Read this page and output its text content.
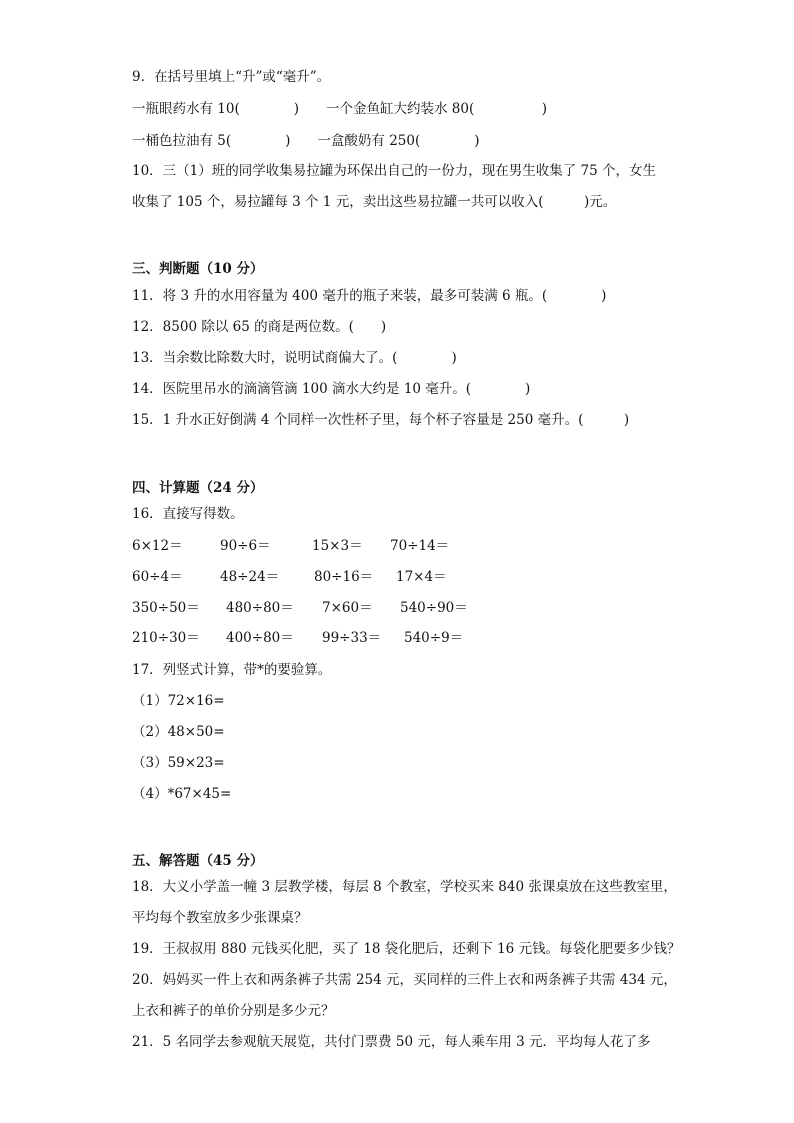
9．在括号里填上“升”或“毫升”。
一瓶眼药水有 10(　　　　)　　一个金鱼缸大约装水 80(　　　　　)
一桶色拉油有 5(　　　　)　　一盒酸奶有 250(　　　　)
10．三（1）班的同学收集易拉罐为环保出自己的一份力，现在男生收集了 75 个，女生
收集了 105 个，易拉罐每 3 个 1 元，卖出这些易拉罐一共可以收入(　　　)元。
三、判断题（10 分）
11．将 3 升的水用容量为 400 毫升的瓶子来装，最多可装满 6 瓶。(　　　　)
12．8500 除以 65 的商是两位数。(　　)
13．当余数比除数大时，说明试商偏大了。(　　　　)
14．医院里吊水的滴滴管滴 100 滴水大约是 10 毫升。(　　　　)
15．1 升水正好倒满 4 个同样一次性杯子里，每个杯子容量是 250 毫升。(　　　)
四、计算题（24 分）
16．直接写得数。
6×12＝	90÷6＝	15×3＝ 70÷14＝
60÷4＝	48÷24＝	80÷16＝ 17×4＝
350÷50＝ 480÷80＝ 7×60＝ 540÷90＝
210÷30＝ 400÷80＝ 99÷33＝ 540÷9＝
17．列竖式计算，带*的要验算。
（1）72×16=
（2）48×50=
（3）59×23=
（4）*67×45=
五、解答题（45 分）
18．大义小学盖一幢 3 层教学楼，每层 8 个教室，学校买来 840 张课桌放在这些教室里，
平均每个教室放多少张课桌？
19．王叔叔用 880 元钱买化肥，买了 18 袋化肥后，还剩下 16 元钱。每袋化肥要多少钱？
20．妈妈买一件上衣和两条裤子共需 254 元，买同样的三件上衣和两条裤子共需 434 元，
上衣和裤子的单价分别是多少元？
21．5 名同学去参观航天展览，共付门票费 50 元，每人乘车用 3 元．平均每人花了多
